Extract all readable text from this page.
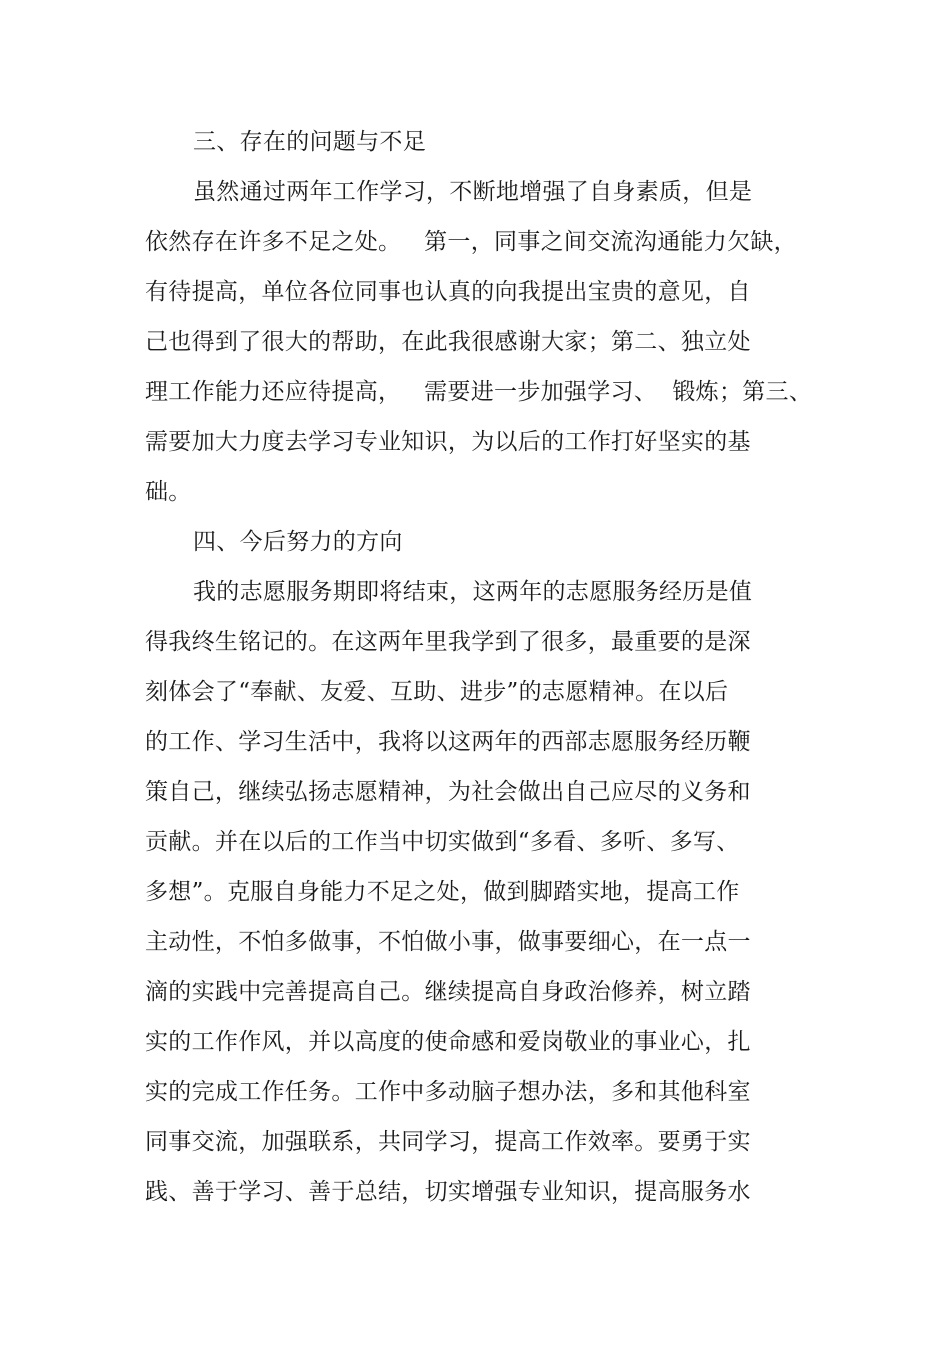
三、存在的问题与不足
虽然通过两年工作学习，不断地增强了自身素质，但是
依然存在许多不足之处。   第一，同事之间交流沟通能力欠缺，
有待提高，单位各位同事也认真的向我提出宝贵的意见，自
己也得到了很大的帮助，在此我很感谢大家；第二、独立处
理工作能力还应待提高，   需要进一步加强学习、  锻炼；第三、
需要加大力度去学习专业知识，为以后的工作打好坚实的基
础。
四、今后努力的方向
我的志愿服务期即将结束，这两年的志愿服务经历是值
得我终生铭记的。在这两年里我学到了很多，最重要的是深
刻体会了“奉献、友爱、互助、进步”的志愿精神。在以后
的工作、学习生活中，我将以这两年的西部志愿服务经历鞭
策自己，继续弘扬志愿精神，为社会做出自己应尽的义务和
贡献。并在以后的工作当中切实做到“多看、多听、多写、
多想”。克服自身能力不足之处，做到脚踏实地，提高工作
主动性，不怕多做事，不怕做小事，做事要细心，在一点一
滴的实践中完善提高自己。继续提高自身政治修养，树立踏
实的工作作风，并以高度的使命感和爱岗敬业的事业心，扎
实的完成工作任务。工作中多动脑子想办法，多和其他科室
同事交流，加强联系，共同学习，提高工作效率。要勇于实
践、善于学习、善于总结，切实增强专业知识，提高服务水
